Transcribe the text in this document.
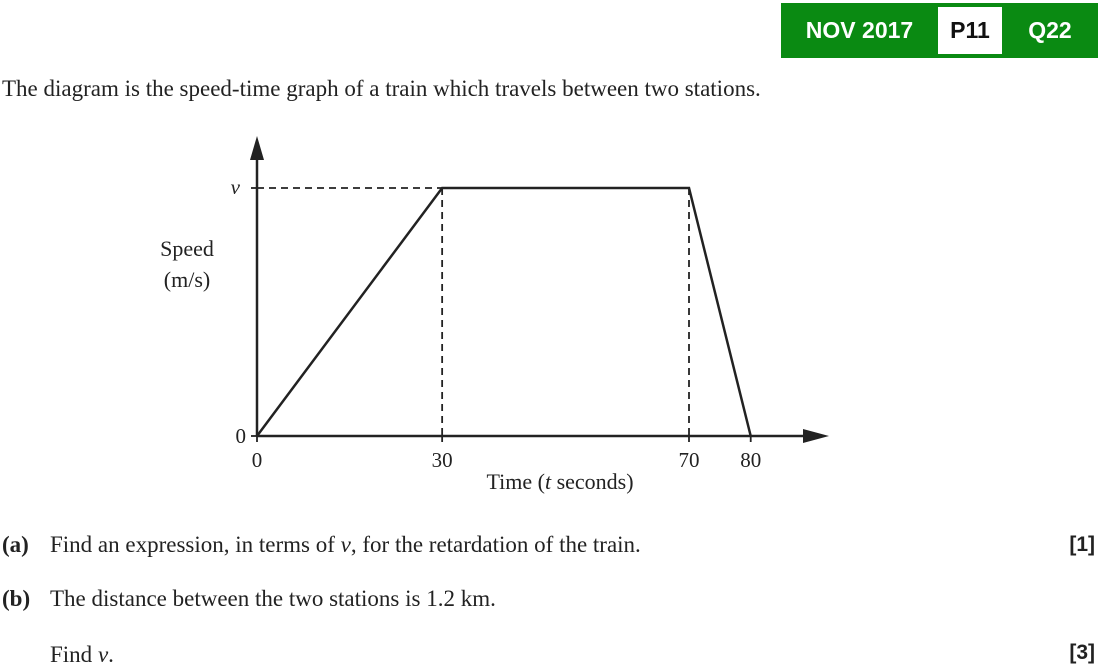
NOV 2017	P11	Q22
The diagram is the speed-time graph of a train which travels between two stations.
0	30	70 80
0
v
Speed
(m/s)
Time (t seconds)
(a) Find an expression, in terms of v, for the retardation of the train.	[1]
(b) The distance between the two stations is 1.2 km.
Find v.	[3]
